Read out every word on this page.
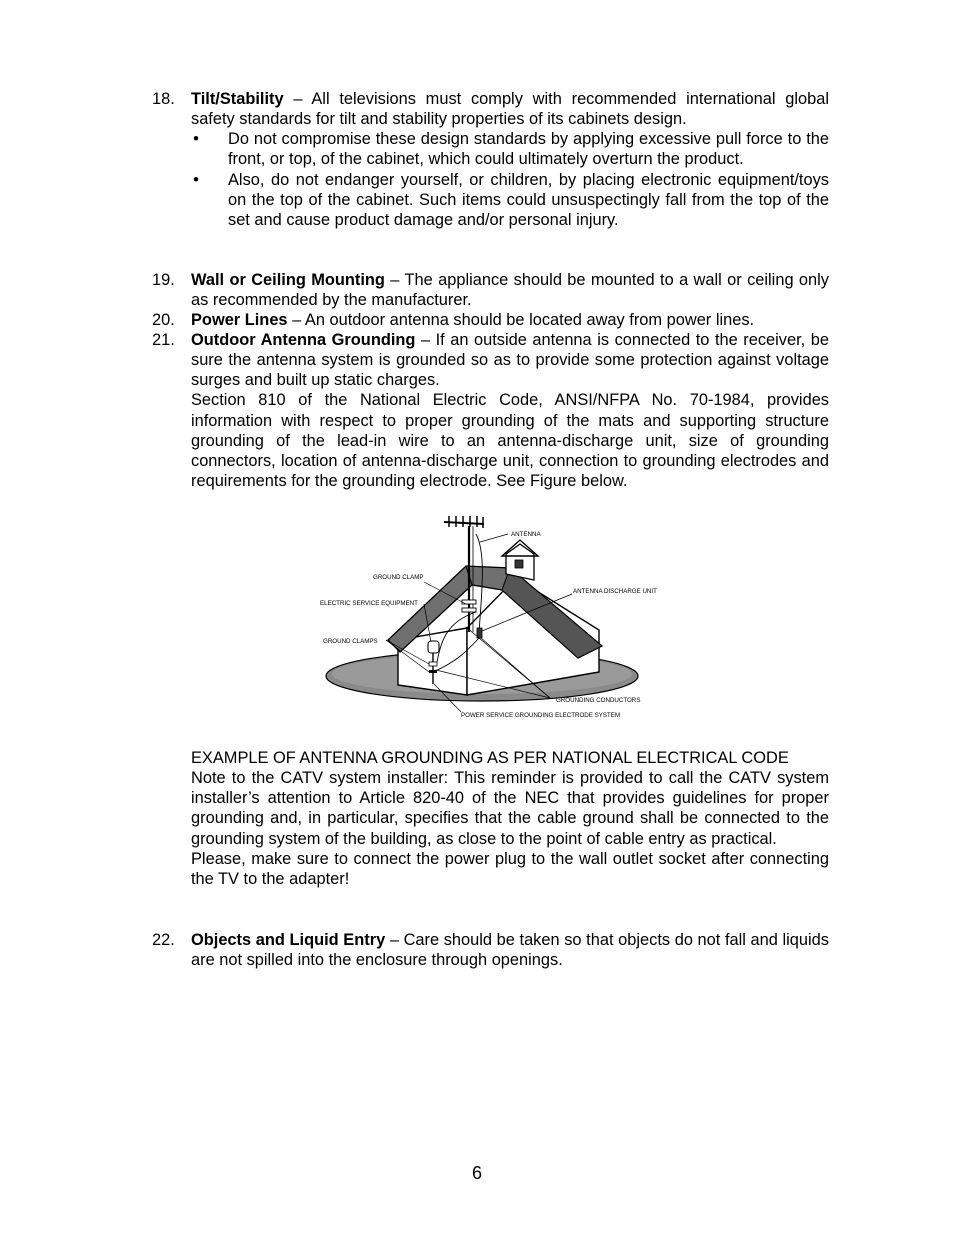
18. Tilt/Stability – All televisions must comply with recommended international global safety standards for tilt and stability properties of its cabinets design.
• Do not compromise these design standards by applying excessive pull force to the front, or top, of the cabinet, which could ultimately overturn the product.
• Also, do not endanger yourself, or children, by placing electronic equipment/toys on the top of the cabinet. Such items could unsuspectingly fall from the top of the set and cause product damage and/or personal injury.
19. Wall or Ceiling Mounting – The appliance should be mounted to a wall or ceiling only as recommended by the manufacturer.
20. Power Lines – An outdoor antenna should be located away from power lines.
21. Outdoor Antenna Grounding – If an outside antenna is connected to the receiver, be sure the antenna system is grounded so as to provide some protection against voltage surges and built up static charges.
Section 810 of the National Electric Code, ANSI/NFPA No. 70-1984, provides information with respect to proper grounding of the mats and supporting structure grounding of the lead-in wire to an antenna-discharge unit, size of grounding connectors, location of antenna-discharge unit, connection to grounding electrodes and requirements for the grounding electrode. See Figure below.
ANTENNA
GROUND CLAMP
ELECTRIC SERVICE EQUIPMENT
ANTENNA DISCHARGE UNIT
GROUND CLAMPS
GROUNDING CONDUCTORS
POWER SERVICE GROUNDING ELECTRODE SYSTEM
EXAMPLE OF ANTENNA GROUNDING AS PER NATIONAL ELECTRICAL CODE
Note to the CATV system installer: This reminder is provided to call the CATV system installer’s attention to Article 820-40 of the NEC that provides guidelines for proper grounding and, in particular, specifies that the cable ground shall be connected to the grounding system of the building, as close to the point of cable entry as practical.
Please, make sure to connect the power plug to the wall outlet socket after connecting the TV to the adapter!
22. Objects and Liquid Entry – Care should be taken so that objects do not fall and liquids are not spilled into the enclosure through openings.
6
